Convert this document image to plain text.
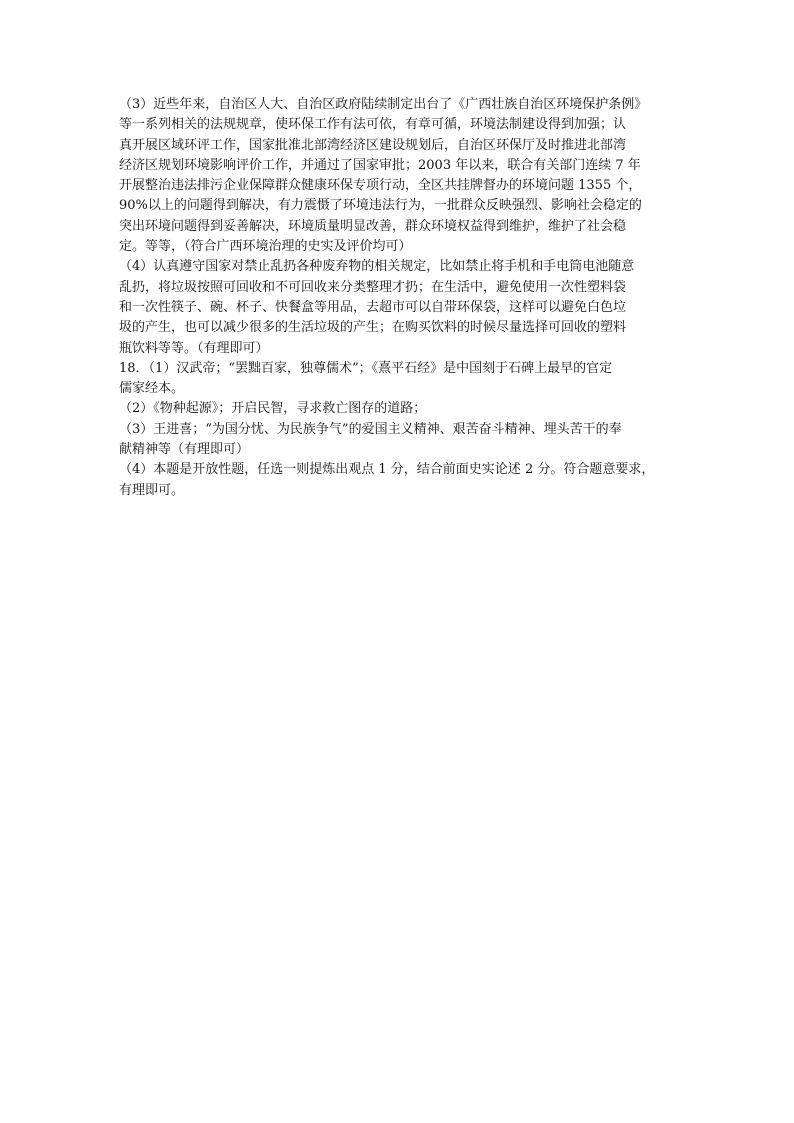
（3）近些年来，自治区人大、自治区政府陆续制定出台了《广西壮族自治区环境保护条例》
等一系列相关的法规规章，使环保工作有法可依，有章可循，环境法制建设得到加强；认
真开展区域环评工作，国家批准北部湾经济区建设规划后，自治区环保厅及时推进北部湾
经济区规划环境影响评价工作，并通过了国家审批；2003 年以来，联合有关部门连续 7 年
开展整治违法排污企业保障群众健康环保专项行动，全区共挂牌督办的环境问题 1355 个，
90%以上的问题得到解决，有力震慑了环境违法行为，一批群众反映强烈、影响社会稳定的
突出环境问题得到妥善解决，环境质量明显改善，群众环境权益得到维护，维护了社会稳
定。等等，（符合广西环境治理的史实及评价均可）
（4）认真遵守国家对禁止乱扔各种废弃物的相关规定，比如禁止将手机和手电筒电池随意
乱扔，将垃圾按照可回收和不可回收来分类整理才扔；在生活中，避免使用一次性塑料袋
和一次性筷子、碗、杯子、快餐盒等用品，去超市可以自带环保袋，这样可以避免白色垃
圾的产生，也可以减少很多的生活垃圾的产生；在购买饮料的时候尽量选择可回收的塑料
瓶饮料等等。（有理即可）
18．（1）汉武帝；“罢黜百家，独尊儒术”；《熹平石经》是中国刻于石碑上最早的官定
儒家经本。
（2）《物种起源》；开启民智，寻求救亡图存的道路；
（3）王进喜；“为国分忧、为民族争气”的爱国主义精神、艰苦奋斗精神、埋头苦干的奉
献精神等（有理即可）
（4）本题是开放性题，任选一则提炼出观点 1 分，结合前面史实论述 2 分。符合题意要求，
有理即可。
